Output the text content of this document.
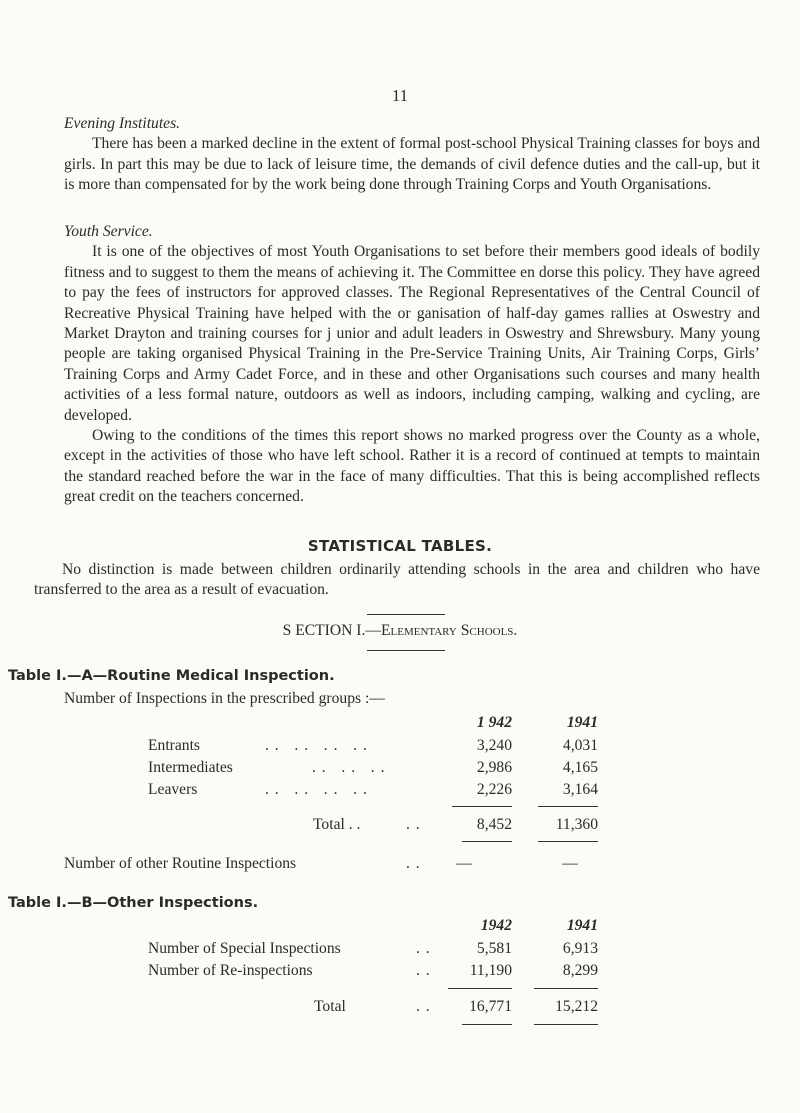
11

Evening Institutes.

There has been a marked decline in the extent of formal post-school Physical Training classes for boys and girls. In part this may be due to lack of leisure time, the demands of civil defence duties and the call-up, but it is more than compensated for by the work being done through Training Corps and Youth Organisations.

Youth Service.

It is one of the objectives of most Youth Organisations to set before their members good ideals of bodily fitness and to suggest to them the means of achieving it. The Committee en dorse this policy. They have agreed to pay the fees of instructors for approved classes. The Regional Representatives of the Central Council of Recreative Physical Training have helped with the or ganisation of half-day games rallies at Oswestry and Market Drayton and training courses for j unior and adult leaders in Oswestry and Shrewsbury. Many young people are taking organised Physical Training in the Pre-Service Training Units, Air Training Corps, Girls’ Training Corps and Army Cadet Force, and in these and other Organisations such courses and many health activities of a less formal nature, outdoors as well as indoors, including camping, walking and cycling, are developed.

Owing to the conditions of the times this report shows no marked progress over the County as a whole, except in the activities of those who have left school. Rather it is a record of continued at tempts to maintain the standard reached before the war in the face of many difficulties. That this is being accomplished reflects great credit on the teachers concerned.

STATISTICAL TABLES.

No distinction is made between children ordinarily attending schools in the area and children who have transferred to the area as a result of evacuation.

S ECTION I.—Elementary Schools.
Table I.—A—Routine Medical Inspection.
Number of Inspections in the prescribed groups :—
1 942	1941
Entrants	. .   . .   . .   . .	3,240	4,031
Intermediates	. .   . .   . .	2,986	4,165
Leavers	. .   . .   . .   . .	2,226	3,164
Total . .	. .	8,452	11,360
Number of other Routine Inspections	. .	—	—
Table I.—B—Other Inspections.
1942	1941
Number of Special Inspections	. .	5,581	6,913
Number of Re-inspections	. .	11,190	8,299
Total	. .	16,771	15,212
